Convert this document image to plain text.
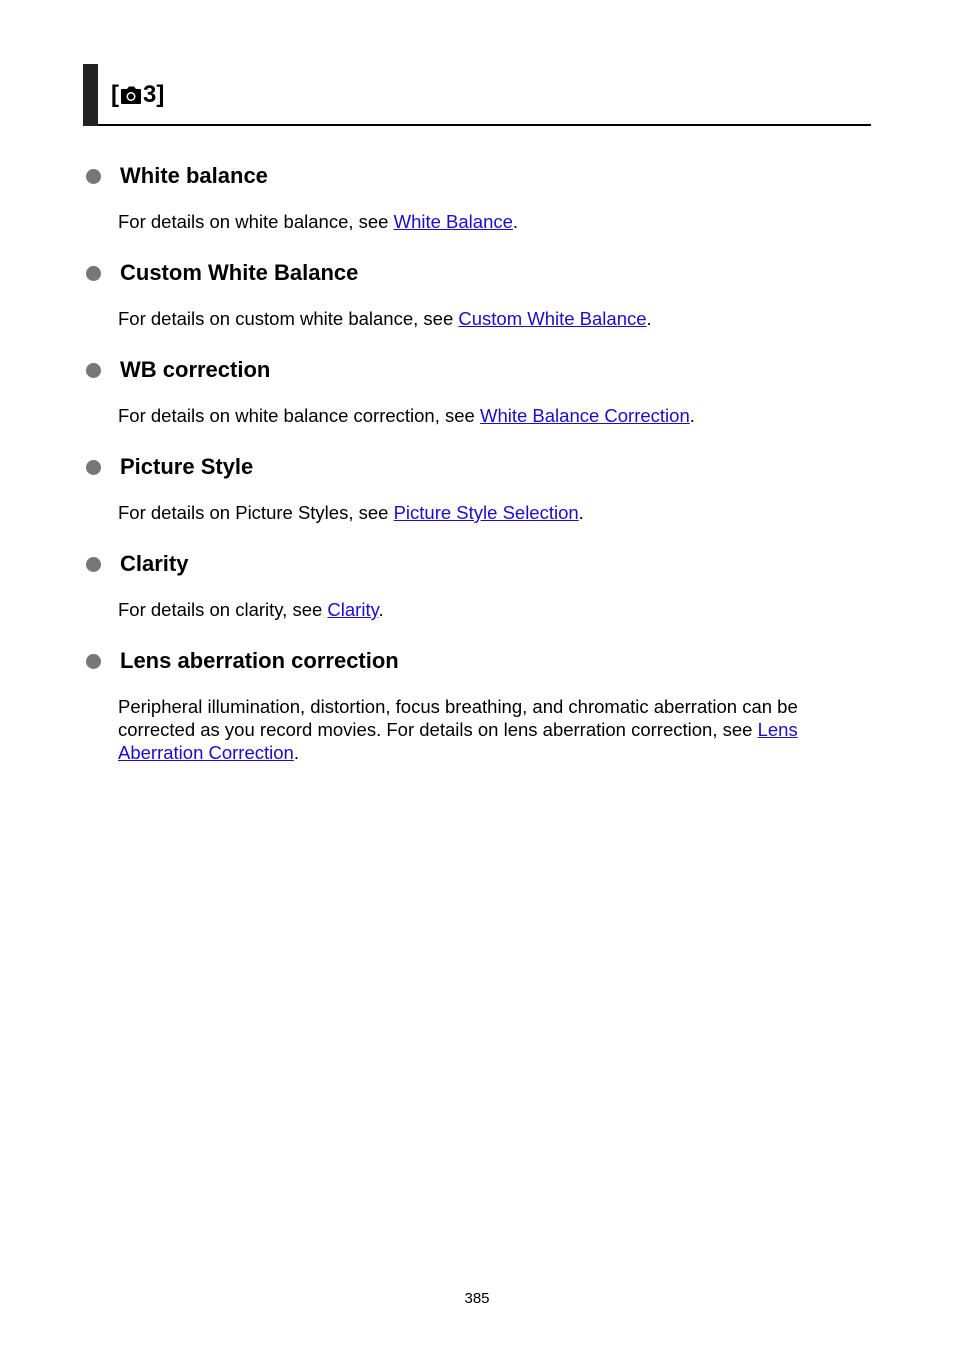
[ 3 ]
White balance
For details on white balance, see White Balance.
Custom White Balance
For details on custom white balance, see Custom White Balance.
WB correction
For details on white balance correction, see White Balance Correction.
Picture Style
For details on Picture Styles, see Picture Style Selection.
Clarity
For details on clarity, see Clarity.
Lens aberration correction
Peripheral illumination, distortion, focus breathing, and chromatic aberration can be corrected as you record movies. For details on lens aberration correction, see Lens Aberration Correction.
385
